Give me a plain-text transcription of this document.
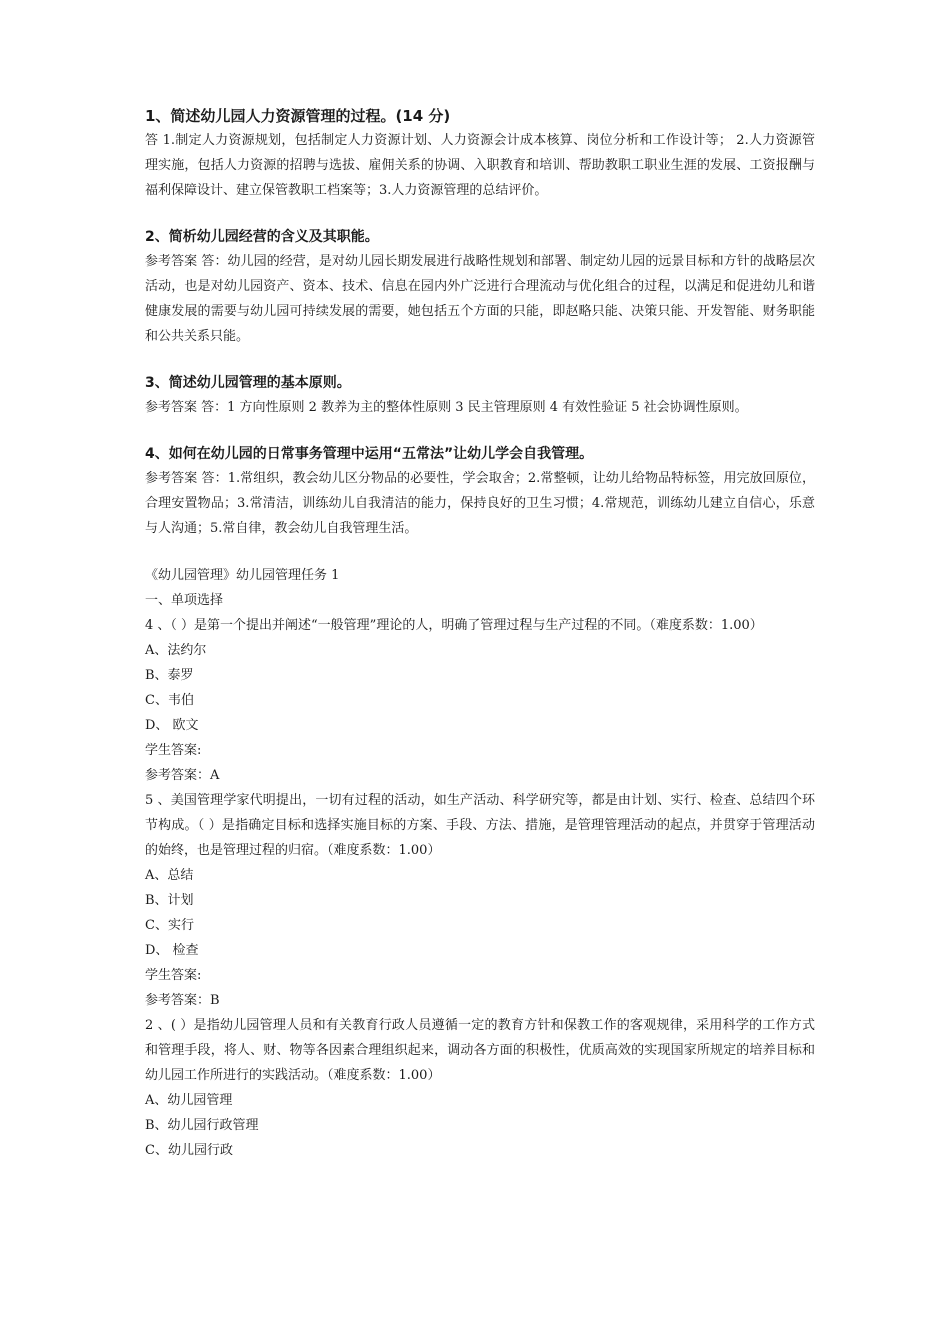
1、简述幼儿园人力资源管理的过程。(14 分)

答 1.制定人力资源规划，包括制定人力资源计划、人力资源会计成本核算、岗位分析和工作设计等； 2.人力资源管理实施，包括人力资源的招聘与选拔、雇佣关系的协调、入职教育和培训、帮助教职工职业生涯的发展、工资报酬与福利保障设计、建立保管教职工档案等；3.人力资源管理的总结评价。

2、简析幼儿园经营的含义及其职能。

参考答案 答：幼儿园的经营，是对幼儿园长期发展进行战略性规划和部署、制定幼儿园的远景目标和方针的战略层次活动，也是对幼儿园资产、资本、技术、信息在园内外广泛进行合理流动与优化组合的过程，以满足和促进幼儿和谐健康发展的需要与幼儿园可持续发展的需要，她包括五个方面的只能，即赵略只能、决策只能、开发智能、财务职能和公共关系只能。

3、简述幼儿园管理的基本原则。

参考答案 答：1 方向性原则 2 教养为主的整体性原则 3 民主管理原则 4 有效性验证 5 社会协调性原则。

4、如何在幼儿园的日常事务管理中运用“五常法”让幼儿学会自我管理。

参考答案 答：1.常组织，教会幼儿区分物品的必要性，学会取舍；2.常整顿，让幼儿给物品特标签，用完放回原位，合理安置物品；3.常清洁，训练幼儿自我清洁的能力，保持良好的卫生习惯；4.常规范，训练幼儿建立自信心，乐意与人沟通；5.常自律，教会幼儿自我管理生活。

《幼儿园管理》幼儿园管理任务 1

一、单项选择

4 、（ ）是第一个提出并阐述“一般管理”理论的人，明确了管理过程与生产过程的不同。（难度系数：1.00）

A、法约尔

B、泰罗

C、韦伯

D、 欧文

学生答案:

参考答案：A

5 、美国管理学家代明提出，一切有过程的活动，如生产活动、科学研究等，都是由计划、实行、检查、总结四个环节构成。（ ）是指确定目标和选择实施目标的方案、手段、方法、措施，是管理管理活动的起点，并贯穿于管理活动的始终，也是管理过程的归宿。（难度系数：1.00）

A、总结

B、计划

C、实行

D、 检查

学生答案:

参考答案：B

2 、( ）是指幼儿园管理人员和有关教育行政人员遵循一定的教育方针和保教工作的客观规律，采用科学的工作方式和管理手段，将人、财、物等各因素合理组织起来，调动各方面的积极性，优质高效的实现国家所规定的培养目标和幼儿园工作所进行的实践活动。（难度系数：1.00）

A、幼儿园管理

B、幼儿园行政管理

C、幼儿园行政
